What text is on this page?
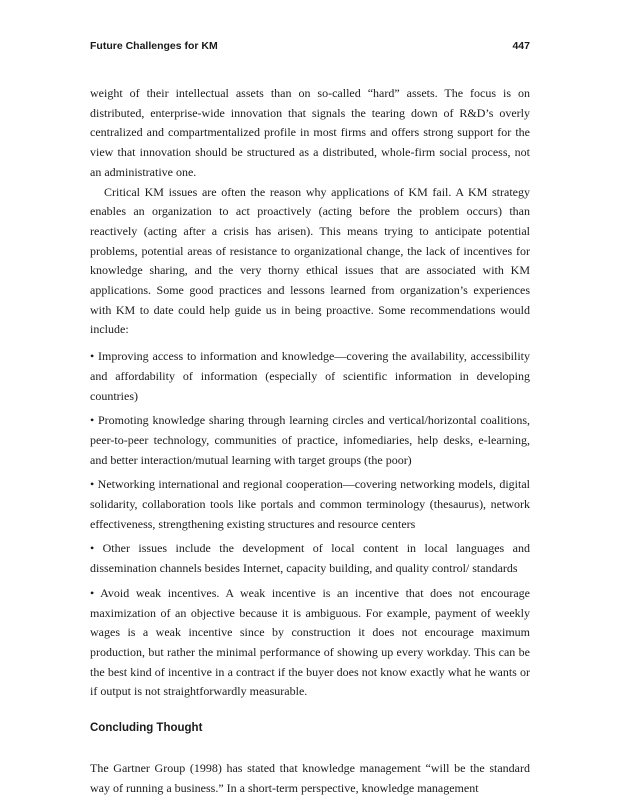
Future Challenges for KM	447

weight of their intellectual assets than on so-called “hard” assets. The focus is on distributed, enterprise-wide innovation that signals the tearing down of R&D’s overly centralized and compartmentalized profile in most firms and offers strong support for the view that innovation should be structured as a distributed, whole-firm social process, not an administrative one.

Critical KM issues are often the reason why applications of KM fail. A KM strategy enables an organization to act proactively (acting before the problem occurs) than reactively (acting after a crisis has arisen). This means trying to anticipate potential problems, potential areas of resistance to organizational change, the lack of incentives for knowledge sharing, and the very thorny ethical issues that are associated with KM applications. Some good practices and lessons learned from organization’s experiences with KM to date could help guide us in being proactive. Some recommendations would include:

• Improving access to information and knowledge—covering the availability, accessibility and affordability of information (especially of scientific information in developing countries)
• Promoting knowledge sharing through learning circles and vertical/horizontal coalitions, peer-to-peer technology, communities of practice, infomediaries, help desks, e-learning, and better interaction/mutual learning with target groups (the poor)
• Networking international and regional cooperation—covering networking models, digital solidarity, collaboration tools like portals and common terminology (thesaurus), network effectiveness, strengthening existing structures and resource centers
• Other issues include the development of local content in local languages and dissemination channels besides Internet, capacity building, and quality control/ standards
• Avoid weak incentives. A weak incentive is an incentive that does not encourage maximization of an objective because it is ambiguous. For example, payment of weekly wages is a weak incentive since by construction it does not encourage maximum production, but rather the minimal performance of showing up every workday. This can be the best kind of incentive in a contract if the buyer does not know exactly what he wants or if output is not straightforwardly measurable.
Concluding Thought

The Gartner Group (1998) has stated that knowledge management “will be the standard way of running a business.” In a short-term perspective, knowledge management
